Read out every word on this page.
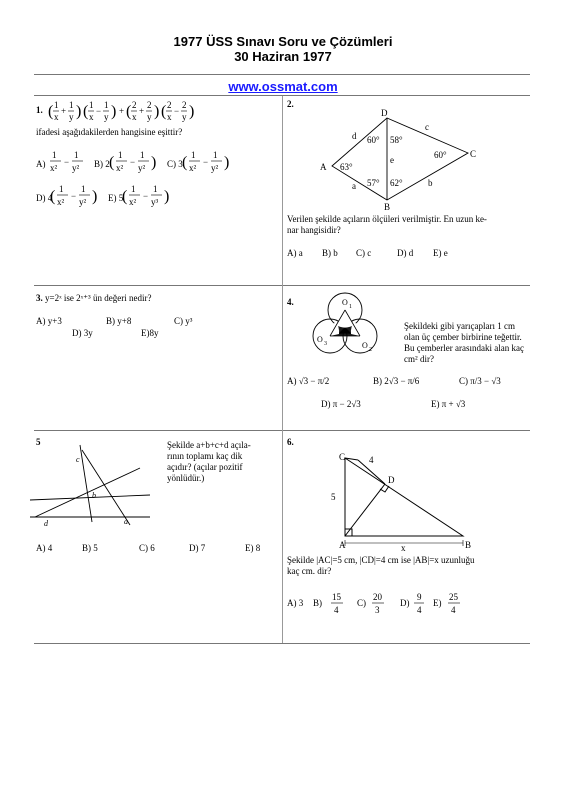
1977 ÜSS Sınavı Soru ve Çözümleri
30 Haziran 1977
www.ossmat.com
1. ( 1
x
+
1
y ) ( 1
x
−
1
y ) + ( 2
x
+
2
y ) ( 2
x
−
2
y )
ifadesi aşağıdakilerden hangisine eşittir?
A)
1
x²
−
1
y² B) 2 ( 1
x²
−
1
y² ) C) 3 ( 1
x²
−
1
y² )
D) 4
( 1
x²
−
1
y² ) E) 5
( 1
x²
−
1
y³ )
2.
D
A
C
B
d
c
a	b
e
60° 58°
63°
60°
57° 62°
Verilen şekilde açıların ölçüleri verilmiştir. En uzun ke-
nar hangisidir?
A) a B) b C) c	D) d E) e
3. y=2ˣ ise 2ˣ⁺³ ün değeri nedir?
A) y+3	B) y+8	C) y³
D) 3y	E)8y
4.	O 1
O 3	O 2
Şekildeki gibi yarıçapları 1 cm
olan üç çember birbirine teğettir.
Bu çemberler arasındaki alan kaç
cm² dir?
A) √3 − π/2	B) 2√3 − π/6	C) π/3 − √3
D) π − 2√3	E) π + √3
5
c
b
d	a
Şekilde a+b+c+d açıla-
rının toplamı kaç dik
açıdır? (açılar pozitif
yönlüdür.)
A) 4	B) 5	C) 6	D) 7	E) 8
6.
C	4
D
5
A	B
x
Şekilde |AC|=5 cm, |CD|=4 cm ise |AB|=x uzunluğu
kaç cm. dir?
A) 3 B)
15
4
C)
20
3
D)
9
4
E)
25
4
